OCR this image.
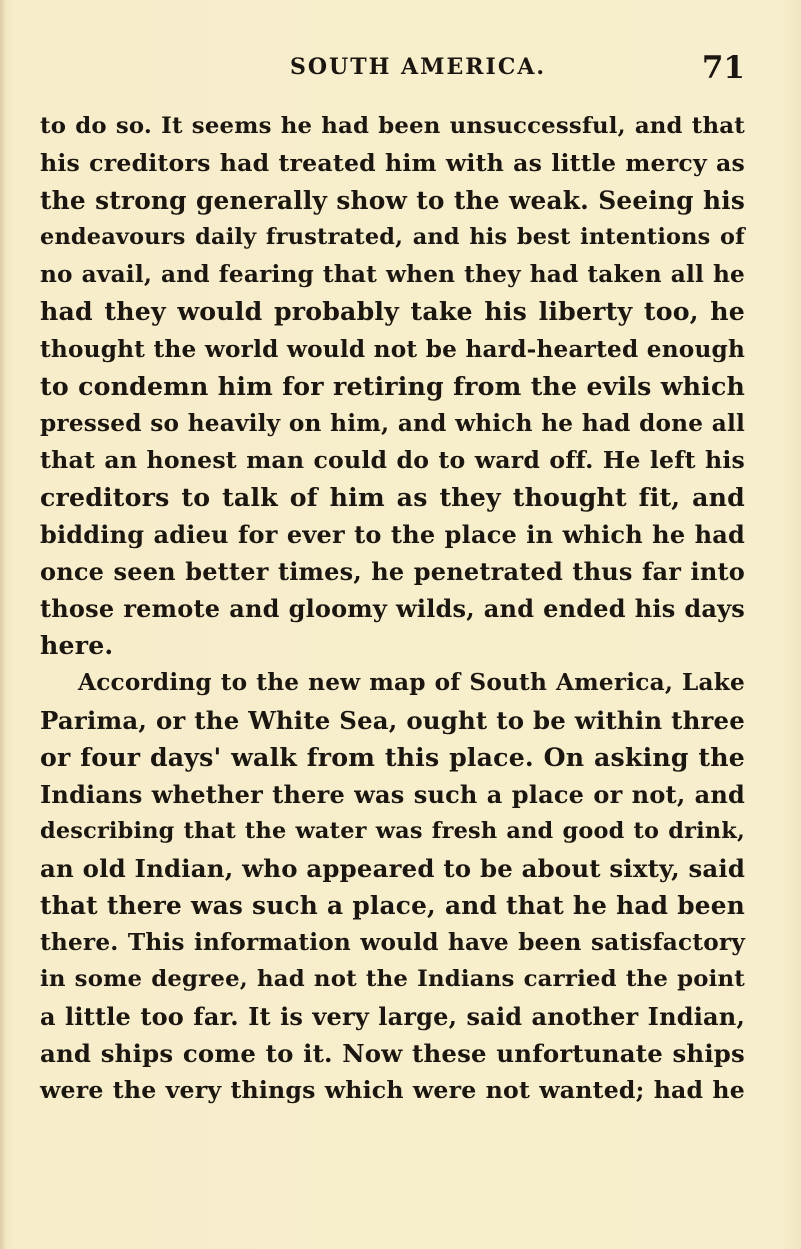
SOUTH AMERICA.	71
to do so. It seems he had been unsuccessful, and that
his creditors had treated him with as little mercy as
the strong generally show to the weak. Seeing his
endeavours daily frustrated, and his best intentions of
no avail, and fearing that when they had taken all he
had they would probably take his liberty too, he
thought the world would not be hard-hearted enough
to condemn him for retiring from the evils which
pressed so heavily on him, and which he had done all
that an honest man could do to ward off. He left his
creditors to talk of him as they thought fit, and
bidding adieu for ever to the place in which he had
once seen better times, he penetrated thus far into
those remote and gloomy wilds, and ended his days
here.
According to the new map of South America, Lake
Parima, or the White Sea, ought to be within three
or four days' walk from this place. On asking the
Indians whether there was such a place or not, and
describing that the water was fresh and good to drink,
an old Indian, who appeared to be about sixty, said
that there was such a place, and that he had been
there. This information would have been satisfactory
in some degree, had not the Indians carried the point
a little too far. It is very large, said another Indian,
and ships come to it. Now these unfortunate ships
were the very things which were not wanted; had he
